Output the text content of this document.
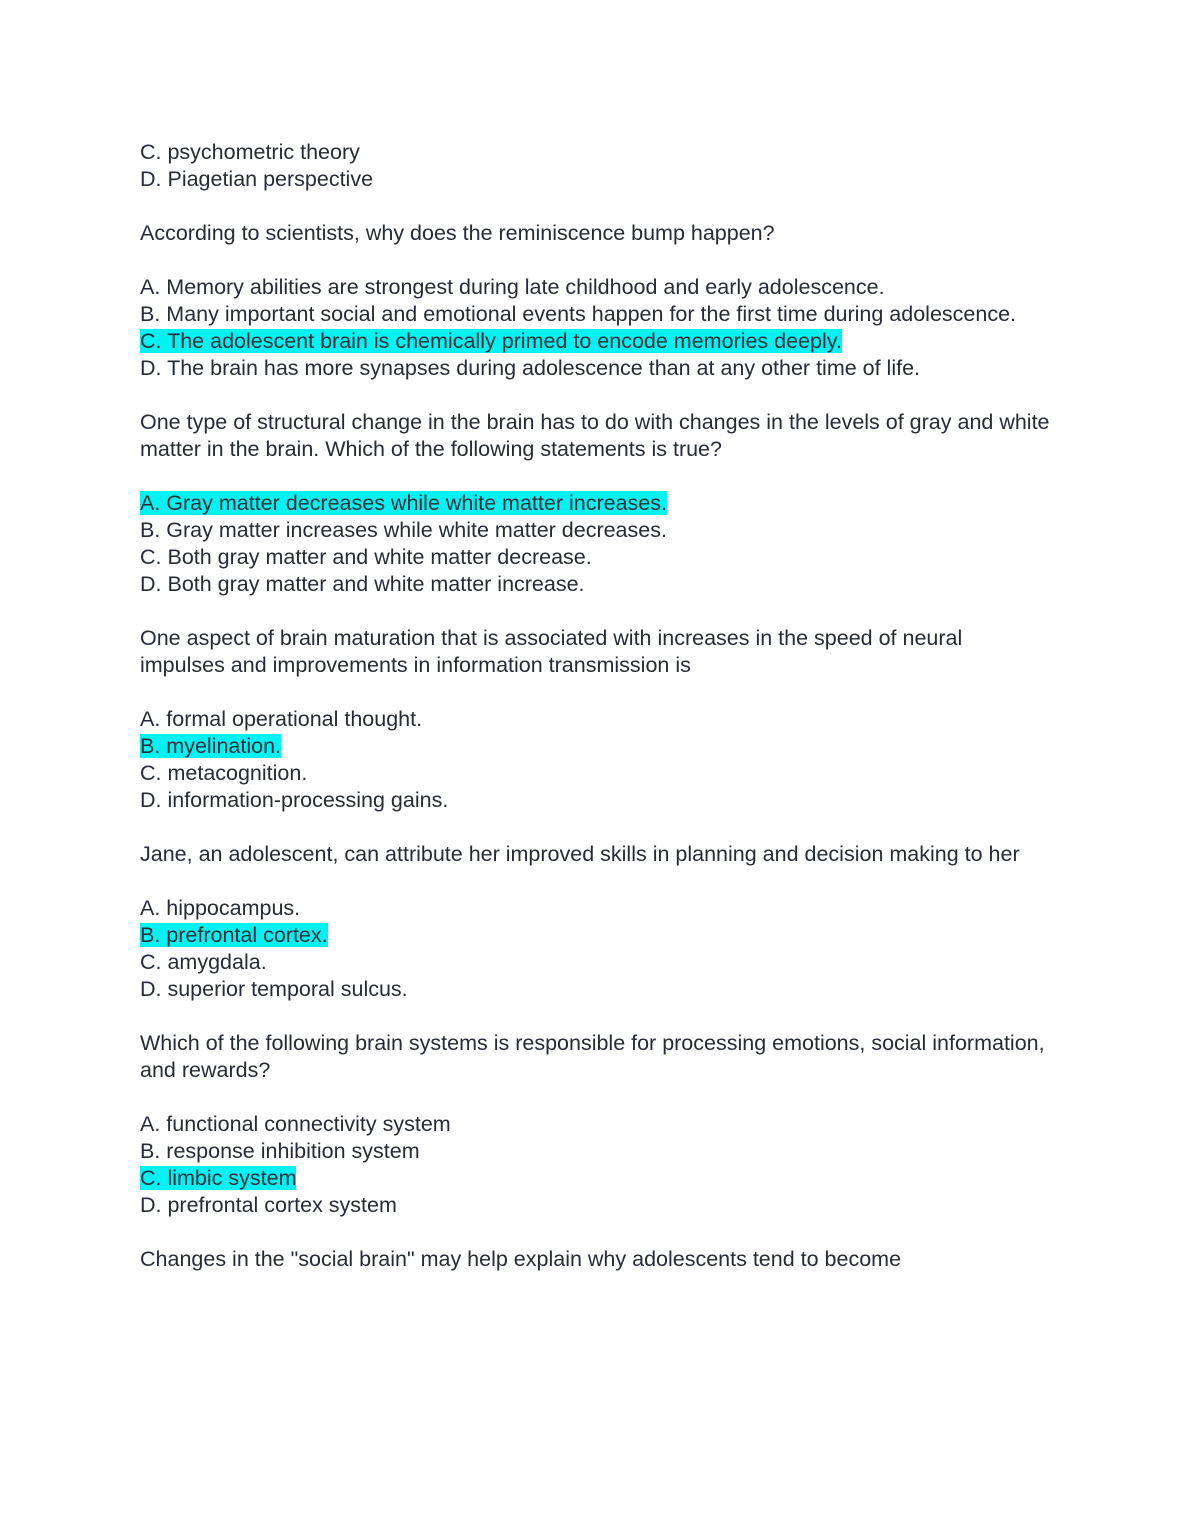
C. psychometric theory
D. Piagetian perspective
According to scientists, why does the reminiscence bump happen?
A. Memory abilities are strongest during late childhood and early adolescence.
B. Many important social and emotional events happen for the first time during adolescence.
C. The adolescent brain is chemically primed to encode memories deeply.
D. The brain has more synapses during adolescence than at any other time of life.
One type of structural change in the brain has to do with changes in the levels of gray and white matter in the brain. Which of the following statements is true?
A. Gray matter decreases while white matter increases.
B. Gray matter increases while white matter decreases.
C. Both gray matter and white matter decrease.
D. Both gray matter and white matter increase.
One aspect of brain maturation that is associated with increases in the speed of neural impulses and improvements in information transmission is
A. formal operational thought.
B. myelination.
C. metacognition.
D. information-processing gains.
Jane, an adolescent, can attribute her improved skills in planning and decision making to her
A. hippocampus.
B. prefrontal cortex.
C. amygdala.
D. superior temporal sulcus.
Which of the following brain systems is responsible for processing emotions, social information, and rewards?
A. functional connectivity system
B. response inhibition system
C. limbic system
D. prefrontal cortex system
Changes in the "social brain" may help explain why adolescents tend to become
